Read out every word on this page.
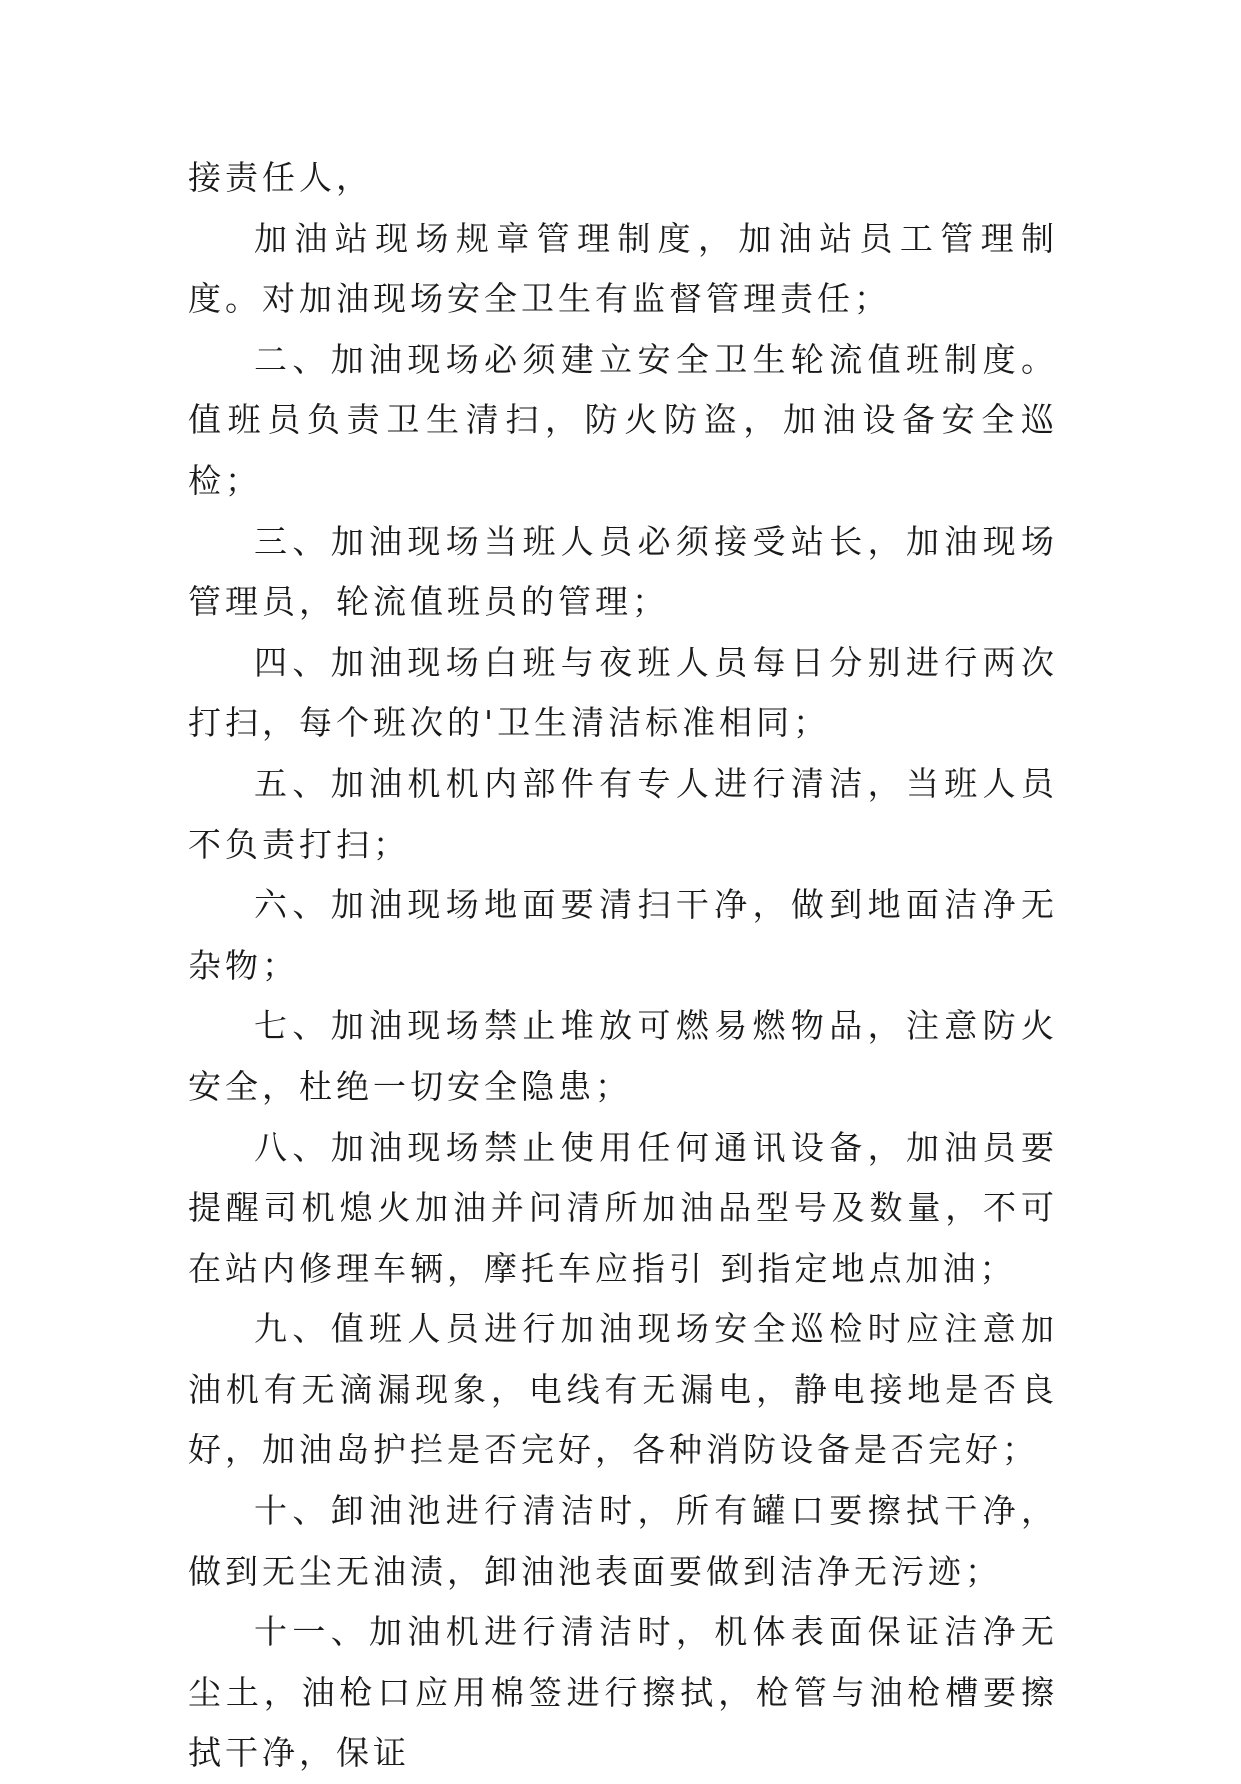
接责任人，

加油站现场规章管理制度，加油站员工管理制度。对加油现场安全卫生有监督管理责任；

二、加油现场必须建立安全卫生轮流值班制度。值班员负责卫生清扫，防火防盗，加油设备安全巡检；

三、加油现场当班人员必须接受站长，加油现场管理员，轮流值班员的管理；

四、加油现场白班与夜班人员每日分别进行两次打扫，每个班次的'卫生清洁标准相同；

五、加油机机内部件有专人进行清洁，当班人员不负责打扫；

六、加油现场地面要清扫干净，做到地面洁净无杂物；

七、加油现场禁止堆放可燃易燃物品，注意防火安全，杜绝一切安全隐患；

八、加油现场禁止使用任何通讯设备，加油员要提醒司机熄火加油并问清所加油品型号及数量，不可在站内修理车辆，摩托车应指引 到指定地点加油；

九、值班人员进行加油现场安全巡检时应注意加油机有无滴漏现象，电线有无漏电，静电接地是否良好，加油岛护拦是否完好，各种消防设备是否完好；

十、卸油池进行清洁时，所有罐口要擦拭干净，做到无尘无油渍，卸油池表面要做到洁净无污迹；

十一、加油机进行清洁时，机体表面保证洁净无尘土，油枪口应用棉签进行擦拭，枪管与油枪槽要擦拭干净，保证
